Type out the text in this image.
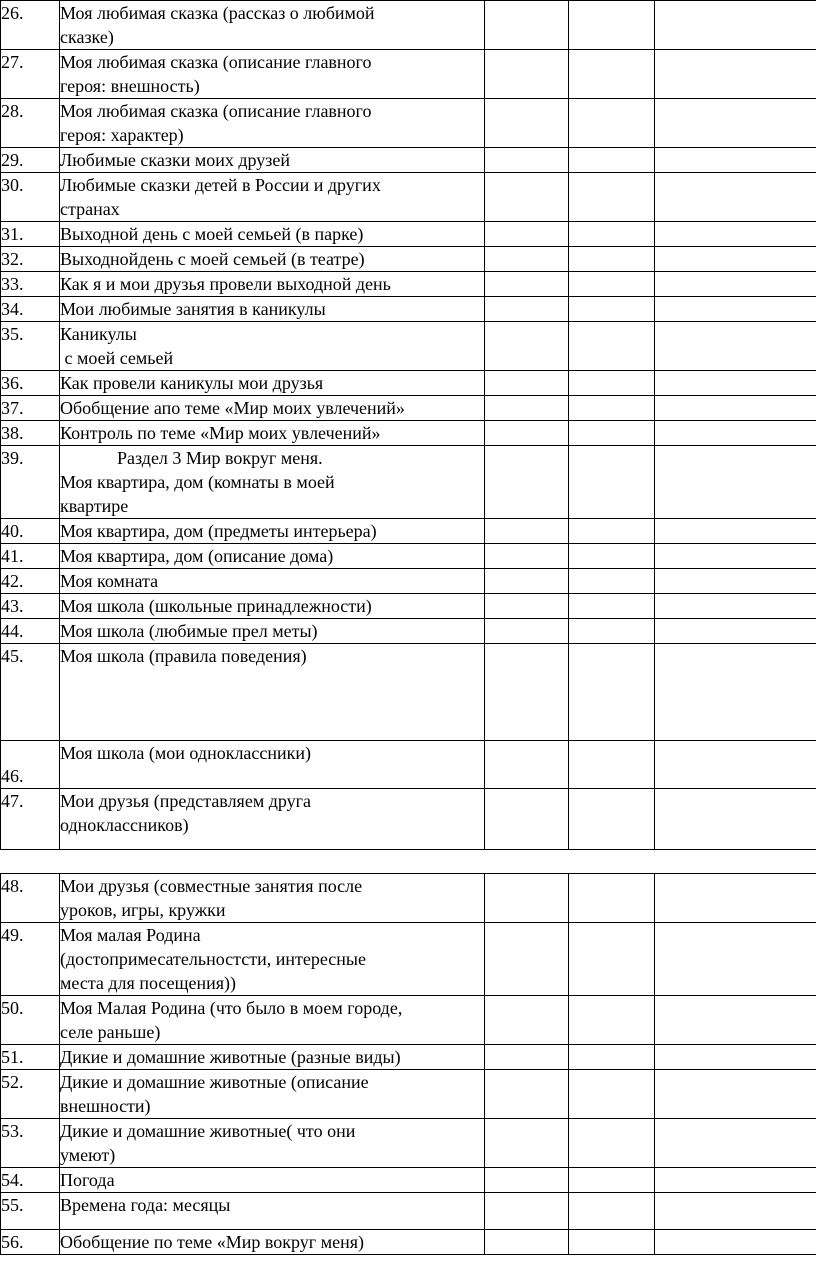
26.	Моя любимая сказка (рассказ о любимой
сказке)			

27.	Моя любимая сказка (описание главного
героя: внешность)			

28.	Моя любимая сказка (описание главного
героя: характер)			

29.	Любимые сказки моих друзей			

30.	Любимые сказки детей в России и других
странах			

31.	Выходной день с моей семьей (в парке)			

32.	Выходнойдень с моей семьей (в театре)			

33.	Как я и мои друзья провели выходной день			

34.	Мои любимые занятия в каникулы			

35.	Каникулы
с моей семьей			

36.	Как провели каникулы мои друзья			

37.	Обобщение апо теме «Мир моих увлечений»			

38.	Контроль по теме «Мир моих увлечений»			

39.	Раздел 3 Мир вокруг меня.
Моя квартира, дом (комнаты в моей
квартире			

40.	Моя квартира, дом (предметы интерьера)			

41.	Моя квартира, дом (описание дома)			

42.	Моя комната			

43.	Моя школа (школьные принадлежности)			

44.	Моя школа (любимые прел меты)			

45.	Моя школа (правила поведения)			

46.	Моя школа (мои одноклассники)			

47.	Мои друзья (представляем друга
одноклассников)			

48.	Мои друзья (совместные занятия после
уроков, игры, кружки			

49.	Моя малая Родина
(достопримесательностсти, интересные
места для посещения))			

50.	Моя Малая Родина (что было в моем городе,
селе раньше)			

51.	Дикие и домашние животные (разные виды)			

52.	Дикие и домашние животные (описание
внешности)			

53.	Дикие и домашние животные( что они
умеют)			

54.	Погода			

55.	Времена года: месяцы			

56.	Обобщение по теме «Мир вокруг меня)			
